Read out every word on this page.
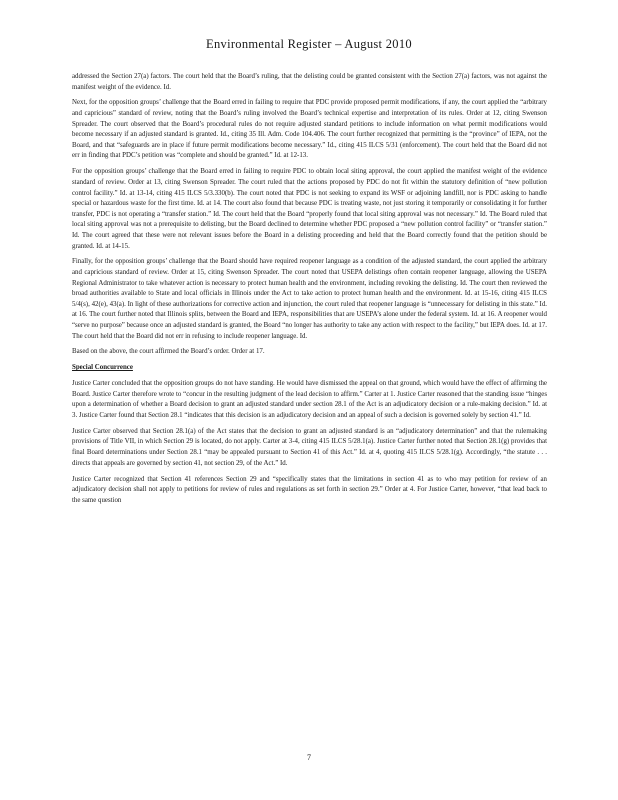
Environmental Register – August 2010

addressed the Section 27(a) factors. The court held that the Board’s ruling, that the delisting could be granted consistent with the Section 27(a) factors, was not against the manifest weight of the evidence. Id.

Next, for the opposition groups’ challenge that the Board erred in failing to require that PDC provide proposed permit modifications, if any, the court applied the “arbitrary and capricious” standard of review, noting that the Board’s ruling involved the Board’s technical expertise and interpretation of its rules. Order at 12, citing Swenson Spreader. The court observed that the Board’s procedural rules do not require adjusted standard petitions to include information on what permit modifications would become necessary if an adjusted standard is granted. Id., citing 35 Ill. Adm. Code 104.406. The court further recognized that permitting is the “province” of IEPA, not the Board, and that “safeguards are in place if future permit modifications become necessary.” Id., citing 415 ILCS 5/31 (enforcement). The court held that the Board did not err in finding that PDC’s petition was “complete and should be granted.” Id. at 12-13.

For the opposition groups’ challenge that the Board erred in failing to require PDC to obtain local siting approval, the court applied the manifest weight of the evidence standard of review. Order at 13, citing Swenson Spreader. The court ruled that the actions proposed by PDC do not fit within the statutory definition of “new pollution control facility.” Id. at 13-14, citing 415 ILCS 5/3.330(b). The court noted that PDC is not seeking to expand its WSF or adjoining landfill, nor is PDC asking to handle special or hazardous waste for the first time. Id. at 14. The court also found that because PDC is treating waste, not just storing it temporarily or consolidating it for further transfer, PDC is not operating a “transfer station.” Id. The court held that the Board “properly found that local siting approval was not necessary.” Id. The Board ruled that local siting approval was not a prerequisite to delisting, but the Board declined to determine whether PDC proposed a “new pollution control facility” or “transfer station.” Id. The court agreed that these were not relevant issues before the Board in a delisting proceeding and held that the Board correctly found that the petition should be granted. Id. at 14-15.

Finally, for the opposition groups’ challenge that the Board should have required reopener language as a condition of the adjusted standard, the court applied the arbitrary and capricious standard of review. Order at 15, citing Swenson Spreader. The court noted that USEPA delistings often contain reopener language, allowing the USEPA Regional Administrator to take whatever action is necessary to protect human health and the environment, including revoking the delisting. Id. The court then reviewed the broad authorities available to State and local officials in Illinois under the Act to take action to protect human health and the environment. Id. at 15-16, citing 415 ILCS 5/4(s), 42(e), 43(a). In light of these authorizations for corrective action and injunction, the court ruled that reopener language is “unnecessary for delisting in this state.” Id. at 16. The court further noted that Illinois splits, between the Board and IEPA, responsibilities that are USEPA’s alone under the federal system. Id. at 16. A reopener would “serve no purpose” because once an adjusted standard is granted, the Board “no longer has authority to take any action with respect to the facility,” but IEPA does. Id. at 17. The court held that the Board did not err in refusing to include reopener language. Id.

Based on the above, the court affirmed the Board’s order. Order at 17.

Special Concurrence

Justice Carter concluded that the opposition groups do not have standing. He would have dismissed the appeal on that ground, which would have the effect of affirming the Board. Justice Carter therefore wrote to “concur in the resulting judgment of the lead decision to affirm.” Carter at 1. Justice Carter reasoned that the standing issue “hinges upon a determination of whether a Board decision to grant an adjusted standard under section 28.1 of the Act is an adjudicatory decision or a rule-making decision.” Id. at 3. Justice Carter found that Section 28.1 “indicates that this decision is an adjudicatory decision and an appeal of such a decision is governed solely by section 41.” Id.

Justice Carter observed that Section 28.1(a) of the Act states that the decision to grant an adjusted standard is an “adjudicatory determination” and that the rulemaking provisions of Title VII, in which Section 29 is located, do not apply. Carter at 3-4, citing 415 ILCS 5/28.1(a). Justice Carter further noted that Section 28.1(g) provides that final Board determinations under Section 28.1 “may be appealed pursuant to Section 41 of this Act.” Id. at 4, quoting 415 ILCS 5/28.1(g). Accordingly, “the statute . . . directs that appeals are governed by section 41, not section 29, of the Act.” Id.

Justice Carter recognized that Section 41 references Section 29 and “specifically states that the limitations in section 41 as to who may petition for review of an adjudicatory decision shall not apply to petitions for review of rules and regulations as set forth in section 29.” Order at 4. For Justice Carter, however, “that lead back to the same question

7
